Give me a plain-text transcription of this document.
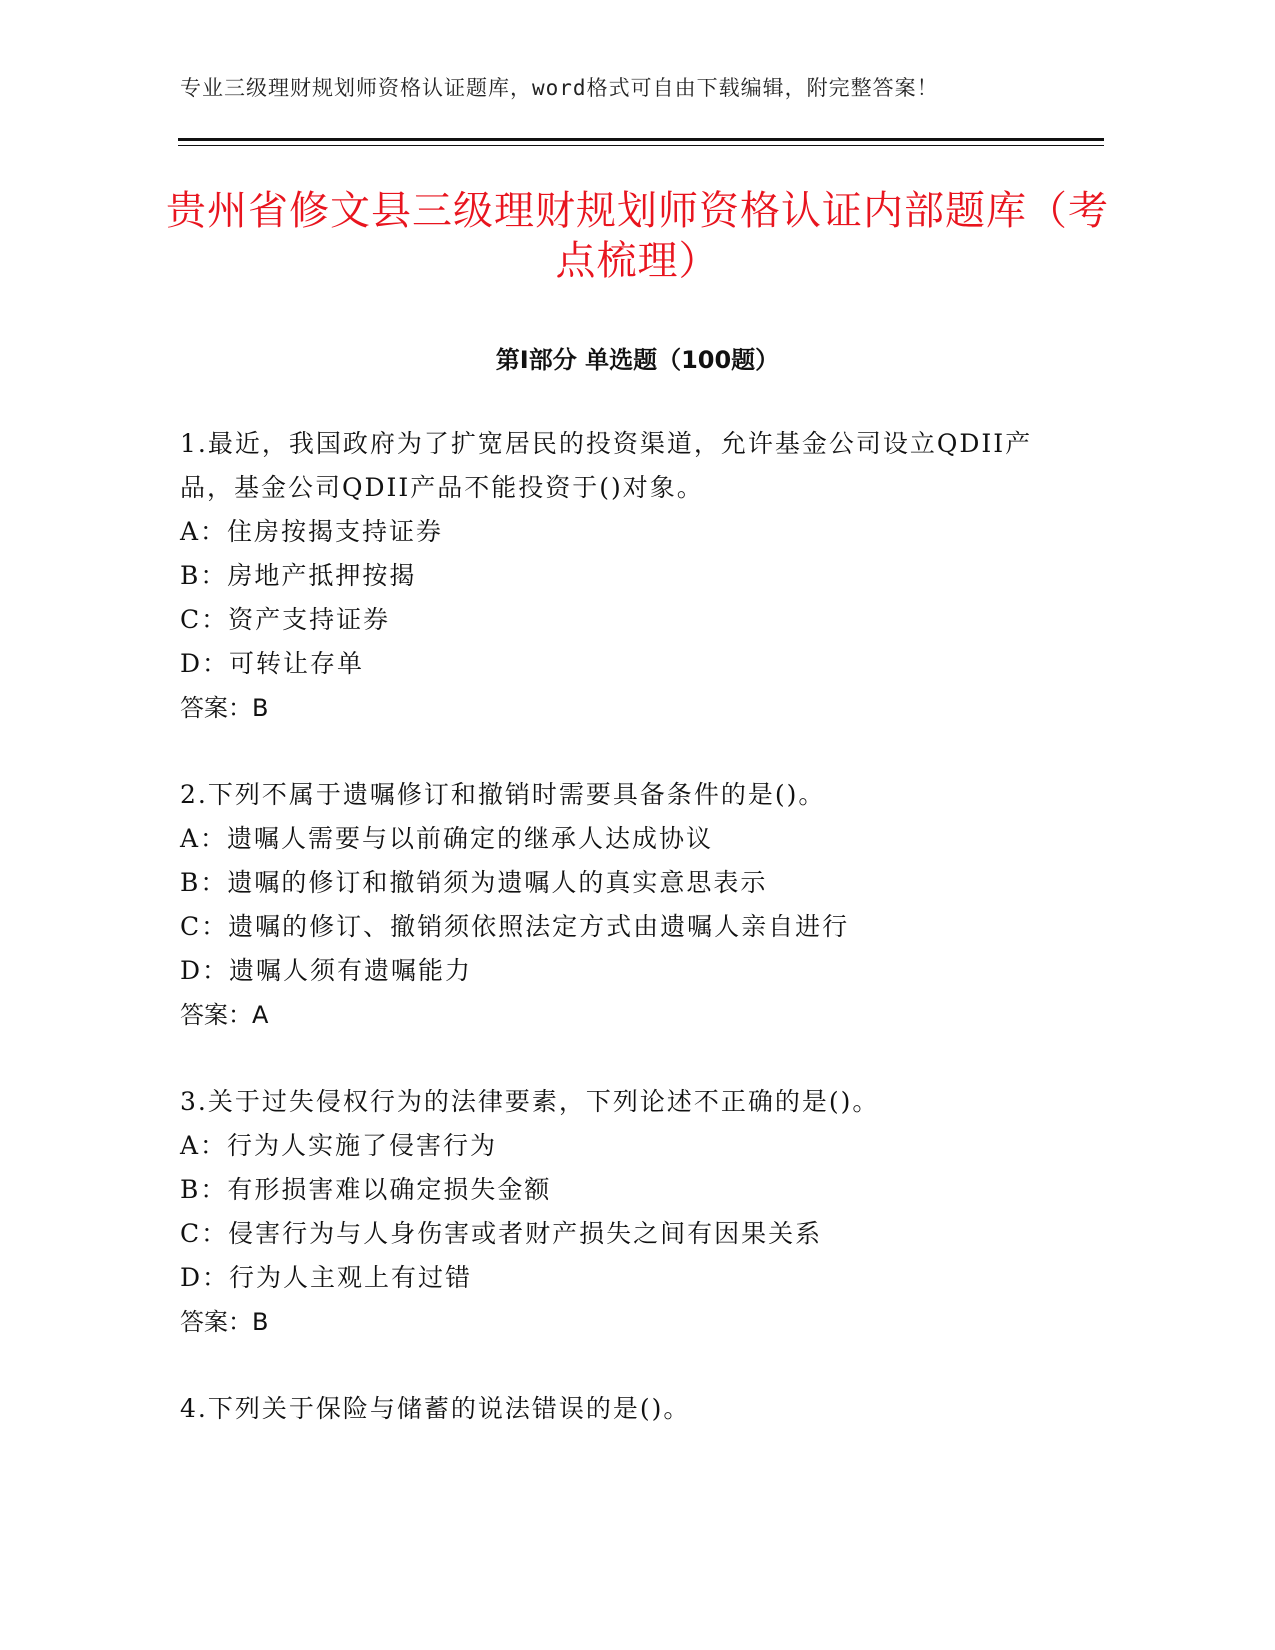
专业三级理财规划师资格认证题库，word格式可自由下载编辑，附完整答案！
贵州省修文县三级理财规划师资格认证内部题库（考点梳理）
第Ⅰ部分 单选题（100题）

1.最近，我国政府为了扩宽居民的投资渠道，允许基金公司设立QDII产品，基金公司QDII产品不能投资于()对象。

A：住房按揭支持证券

B：房地产抵押按揭

C：资产支持证券

D：可转让存单

答案：B

2.下列不属于遗嘱修订和撤销时需要具备条件的是()。

A：遗嘱人需要与以前确定的继承人达成协议

B：遗嘱的修订和撤销须为遗嘱人的真实意思表示

C：遗嘱的修订、撤销须依照法定方式由遗嘱人亲自进行

D：遗嘱人须有遗嘱能力

答案：A

3.关于过失侵权行为的法律要素，下列论述不正确的是()。

A：行为人实施了侵害行为

B：有形损害难以确定损失金额

C：侵害行为与人身伤害或者财产损失之间有因果关系

D：行为人主观上有过错

答案：B

4.下列关于保险与储蓄的说法错误的是()。
